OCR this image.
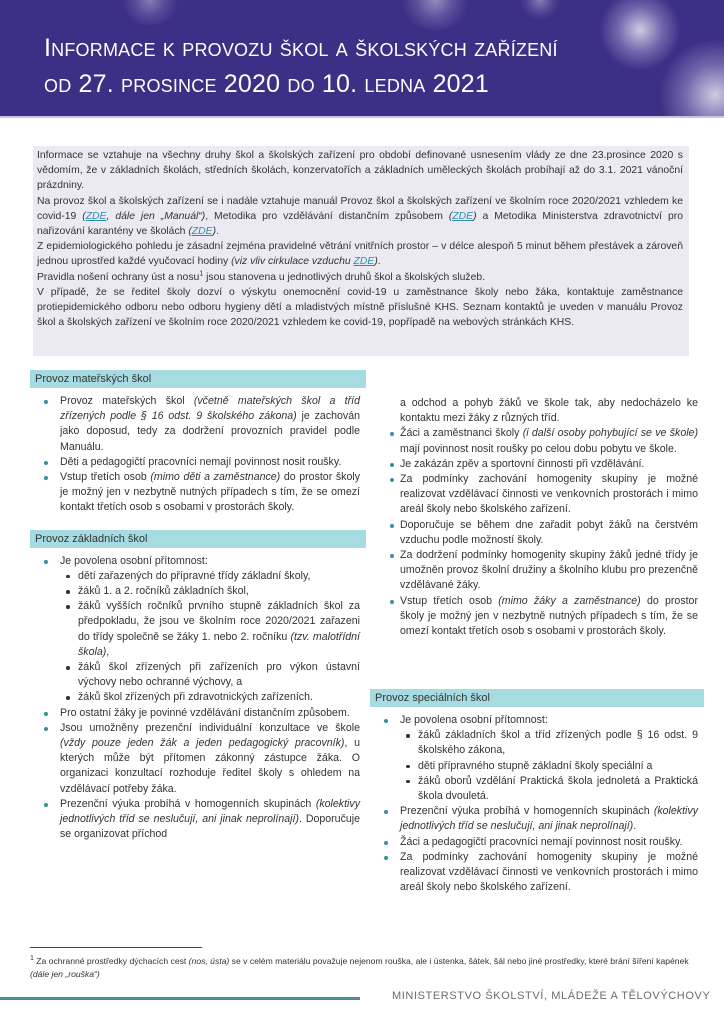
Informace k provozu škol a školských zařízení
od 27. prosince 2020 do 10. ledna 2021

Informace se vztahuje na všechny druhy škol a školských zařízení pro období definované usnesením vlády ze dne 23.prosince 2020 s vědomím, že v základních školách, středních školách, konzervatořích a základních uměleckých školách probíhají až do 3.1. 2021 vánoční prázdniny.

Na provoz škol a školských zařízení se i nadále vztahuje manuál Provoz škol a školských zařízení ve školním roce 2020/2021 vzhledem ke covid-19 (ZDE, dále jen „Manuál“), Metodika pro vzdělávání distančním způsobem (ZDE) a Metodika Ministerstva zdravotnictví pro nařizování karantény ve školách (ZDE).

Z epidemiologického pohledu je zásadní zejména pravidelné větrání vnitřních prostor – v délce alespoň 5 minut během přestávek a zároveň jednou uprostřed každé vyučovací hodiny (viz vliv cirkulace vzduchu ZDE).

Pravidla nošení ochrany úst a nosu$^1$ jsou stanovena u jednotlivých druhů škol a školských služeb.

V případě, že se ředitel školy dozví o výskytu onemocnění covid-19 u zaměstnance školy nebo žáka, kontaktuje zaměstnance protiepidemického odboru nebo odboru hygieny dětí a mladistvých místně příslušné KHS. Seznam kontaktů je uveden v manuálu Provoz škol a školských zařízení ve školním roce 2020/2021 vzhledem ke covid-19, popřípadě na webových stránkách KHS.

Provoz mateřských škol
Provoz mateřských škol (včetně mateřských škol a tříd zřízených podle § 16 odst. 9 školského zákona) je zachován jako doposud, tedy za dodržení provozních pravidel podle Manuálu.
Děti a pedagogičtí pracovníci nemají povinnost nosit roušky.
Vstup třetích osob (mimo děti a zaměstnance) do prostor školy je možný jen v nezbytně nutných případech s tím, že se omezí kontakt třetích osob s osobami v prostorách školy.
Provoz základních škol
Je povolena osobní přítomnost:
dětí zařazených do přípravné třídy základní školy,
žáků 1. a 2. ročníků základních škol,
žáků vyšších ročníků prvního stupně základních škol za předpokladu, že jsou ve školním roce 2020/2021 zařazeni do třídy společně se žáky 1. nebo 2. ročníku (tzv. malotřídní škola),
žáků škol zřízených při zařízeních pro výkon ústavní výchovy nebo ochranné výchovy, a
žáků škol zřízených při zdravotnických zařízeních.
Pro ostatní žáky je povinné vzdělávání distančním způsobem.
Jsou umožněny prezenční individuální konzultace ve škole (vždy pouze jeden žák a jeden pedagogický pracovník), u kterých může být přítomen zákonný zástupce žáka. O organizaci konzultací rozhoduje ředitel školy s ohledem na vzdělávací potřeby žáka.
Prezenční výuka probíhá v homogenních skupinách (kolektivy jednotlivých tříd se neslučují, ani jinak neprolínají). Doporučuje se organizovat příchod
a odchod a pohyb žáků ve škole tak, aby nedocházelo ke kontaktu mezi žáky z různých tříd.
Žáci a zaměstnanci školy (i další osoby pohybující se ve škole) mají povinnost nosit roušky po celou dobu pobytu ve škole.
Je zakázán zpěv a sportovní činnosti při vzdělávání.
Za podmínky zachování homogenity skupiny je možné realizovat vzdělávací činnosti ve venkovních prostorách i mimo areál školy nebo školského zařízení.
Doporučuje se během dne zařadit pobyt žáků na čerstvém vzduchu podle možností školy.
Za dodržení podmínky homogenity skupiny žáků jedné třídy je umožněn provoz školní družiny a školního klubu pro prezenčně vzdělávané žáky.
Vstup třetích osob (mimo žáky a zaměstnance) do prostor školy je možný jen v nezbytně nutných případech s tím, že se omezí kontakt třetích osob s osobami v prostorách školy.
Provoz speciálních škol
Je povolena osobní přítomnost:
žáků základních škol a tříd zřízených podle § 16 odst. 9 školského zákona,
děti přípravného stupně základní školy speciální a
žáků oborů vzdělání Praktická škola jednoletá a Praktická škola dvouletá.
Prezenční výuka probíhá v homogenních skupinách (kolektivy jednotlivých tříd se neslučují, ani jinak neprolínají).
Žáci a pedagogičtí pracovníci nemají povinnost nosit roušky.
Za podmínky zachování homogenity skupiny je možné realizovat vzdělávací činnosti ve venkovních prostorách i mimo areál školy nebo školského zařízení.
$^1$ Za ochranné prostředky dýchacích cest (nos, ústa) se v celém materiálu považuje nejenom rouška, ale i ústenka, šátek, šál nebo jiné prostředky, které brání šíření kapének (dále jen „rouška“)
MINISTERSTVO ŠKOLSTVÍ, MLÁDEŽE A TĚLOVÝCHOVY
